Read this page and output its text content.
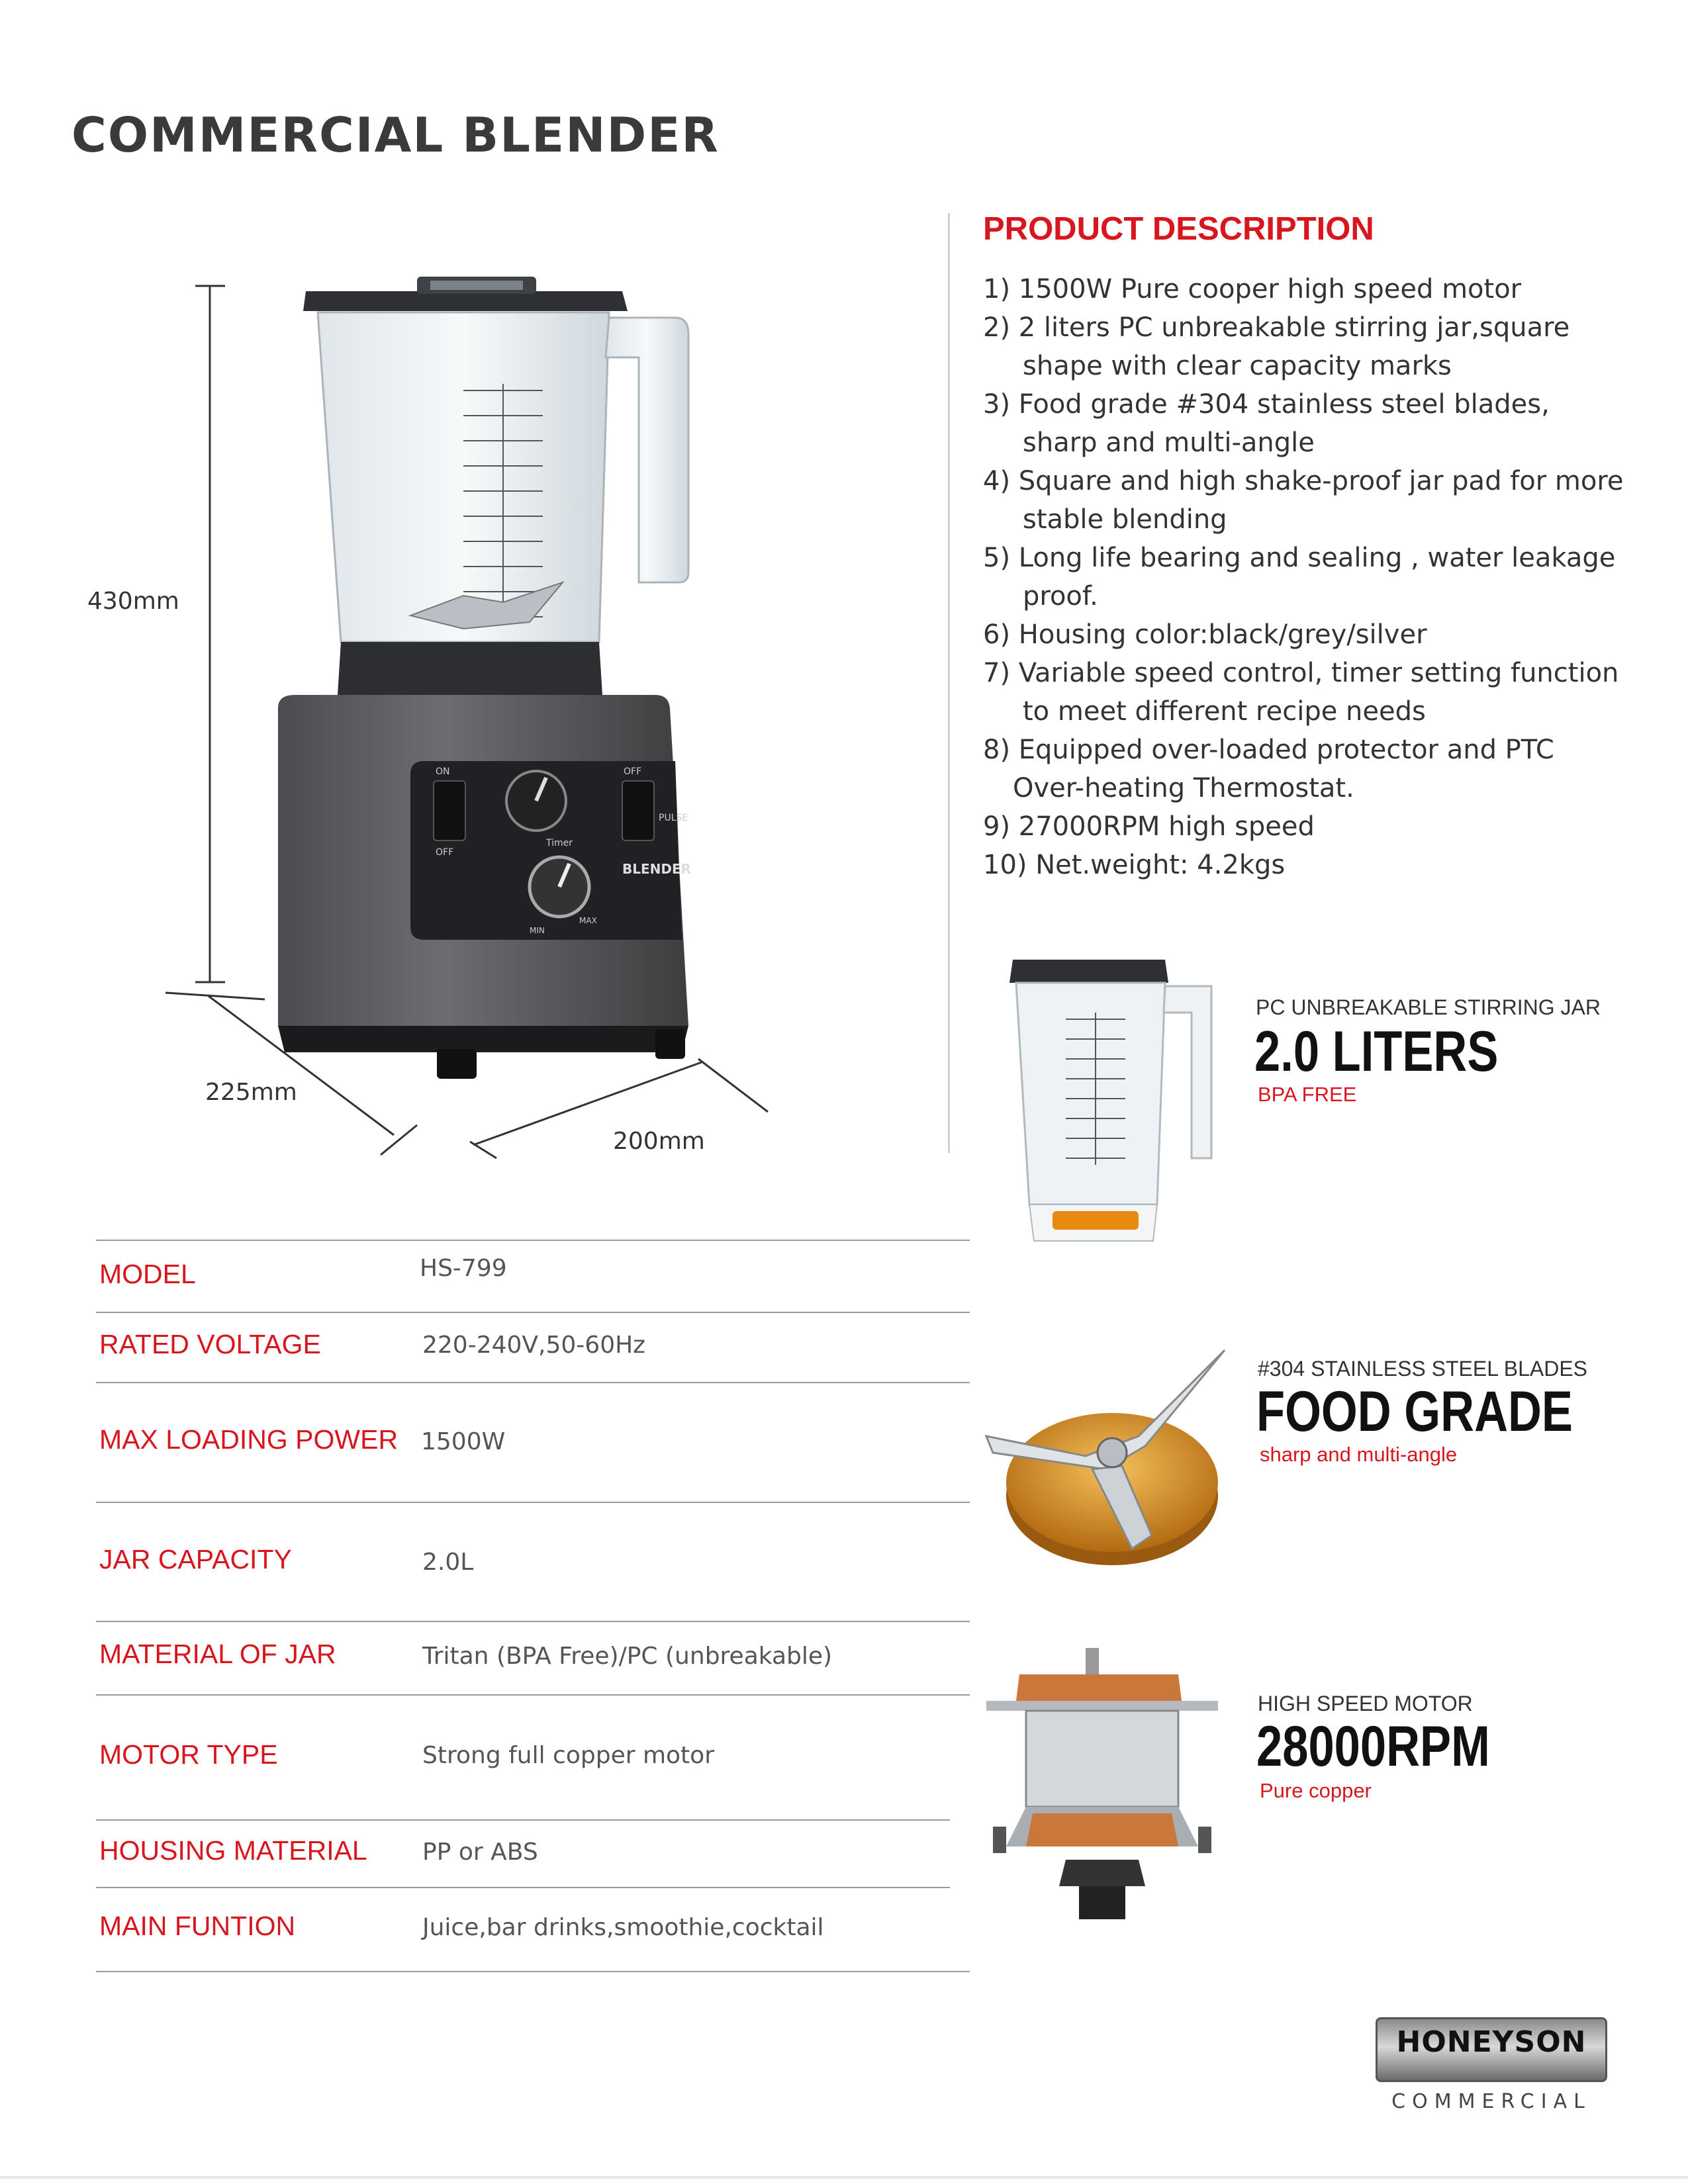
COMMERCIAL BLENDER
PRODUCT DESCRIPTION
1) 1500W Pure cooper high speed motor
2) 2 liters PC unbreakable stirring jar,square
shape with clear capacity marks
3) Food grade #304 stainless steel blades,
sharp and multi-angle
4) Square and high shake-proof jar pad for more
stable blending
5) Long life bearing and sealing , water leakage
proof.
6) Housing color:black/grey/silver
7) Variable speed control, timer setting function
to meet different recipe needs
8) Equipped over-loaded protector and PTC
Over-heating Thermostat.
9) 27000RPM high speed
10) Net.weight: 4.2kgs
430mm
225mm
200mm
ON
OFF
OFF
PULSE
Timer
BLENDER
MIN
MAX
MODEL	HS-799
RATED VOLTAGE	220-240V,50-60Hz
MAX LOADING POWER 1500W
JAR CAPACITY	2.0L
MATERIAL OF JAR	Tritan (BPA Free)/PC (unbreakable)
MOTOR TYPE	Strong full copper motor
HOUSING MATERIAL PP or ABS
MAIN FUNTION	Juice,bar drinks,smoothie,cocktail
PC UNBREAKABLE STIRRING JAR
2.0 LITERS
BPA FREE
#304 STAINLESS STEEL BLADES
FOOD GRADE
sharp and multi-angle
HIGH SPEED MOTOR
28000RPM
Pure copper
HONEYSON
COMMERCIAL
